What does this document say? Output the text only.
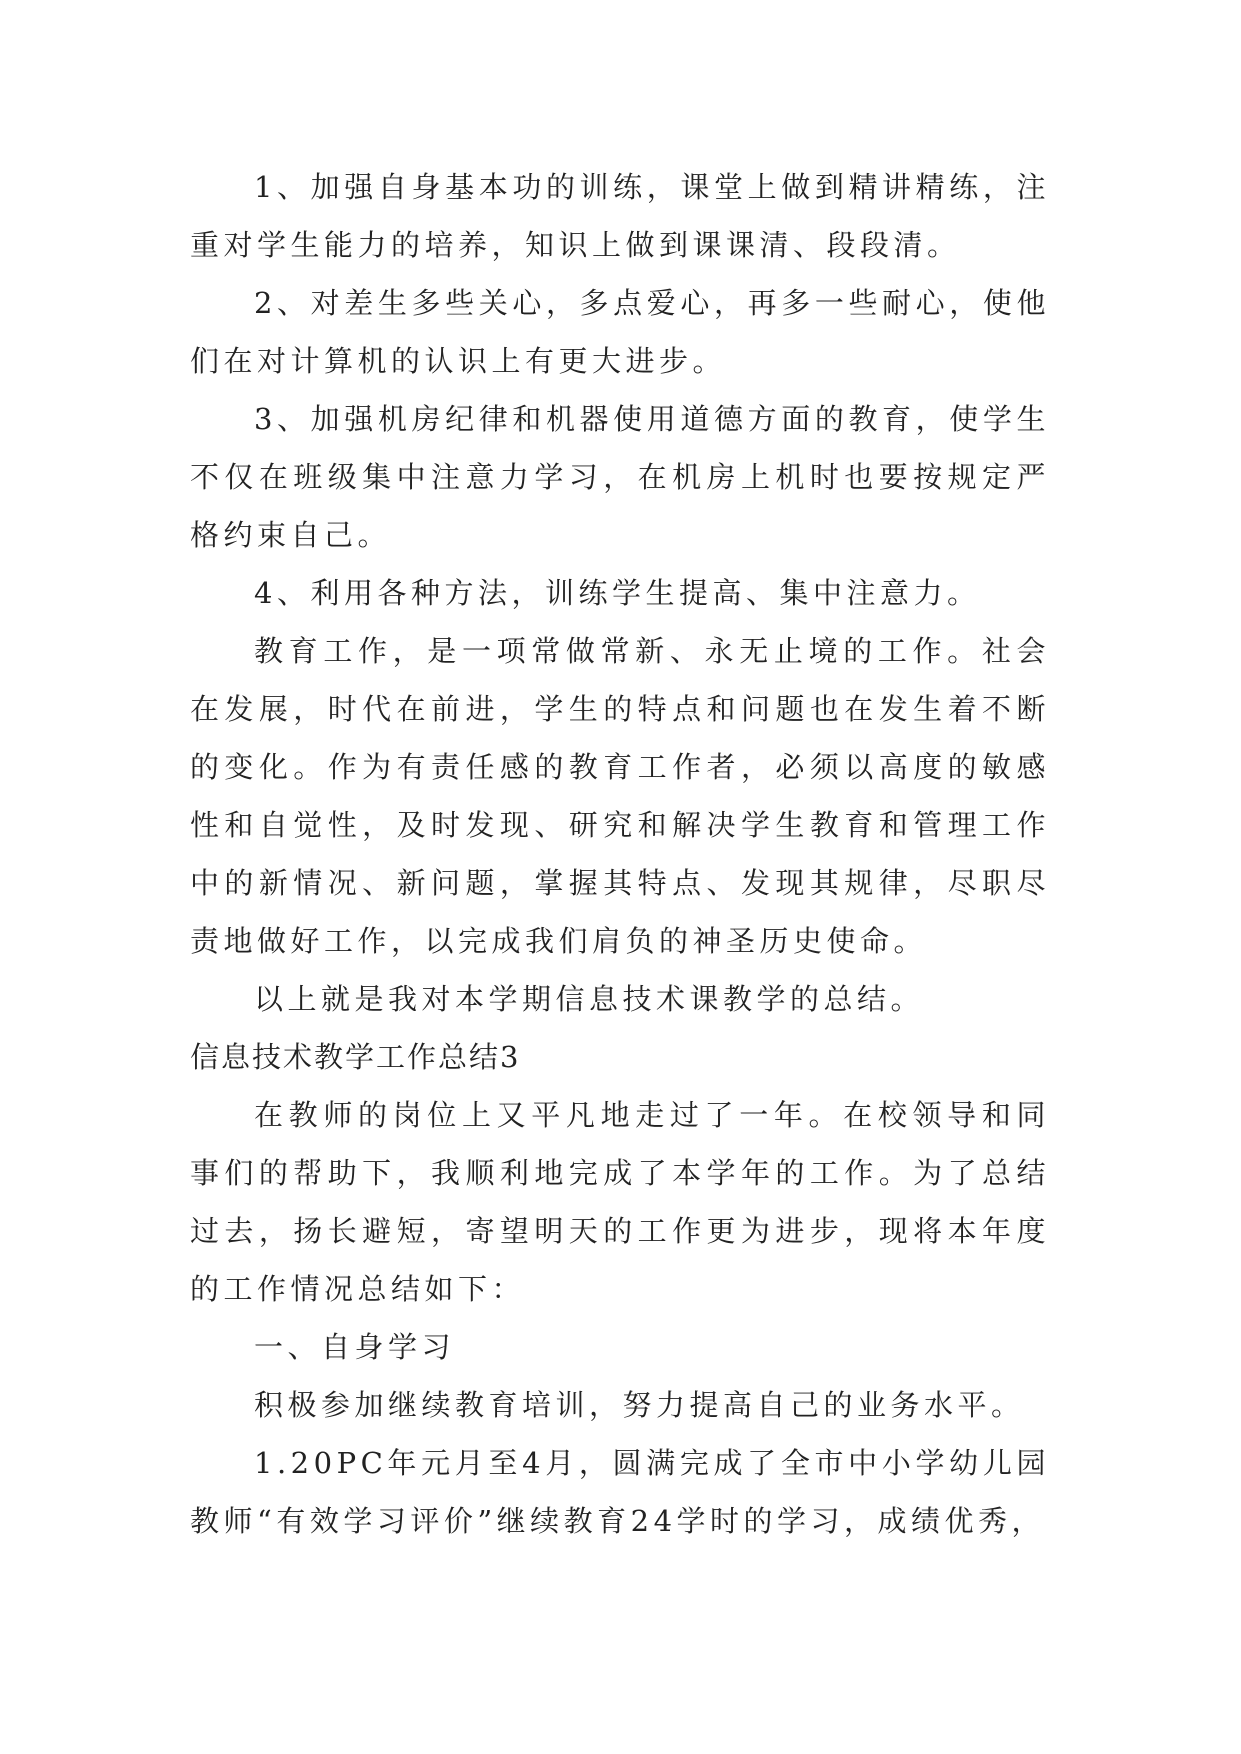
1、加强自身基本功的训练，课堂上做到精讲精练，注重对学生能力的培养，知识上做到课课清、段段清。

2、对差生多些关心，多点爱心，再多一些耐心，使他们在对计算机的认识上有更大进步。

3、加强机房纪律和机器使用道德方面的教育，使学生不仅在班级集中注意力学习，在机房上机时也要按规定严格约束自己。

4、利用各种方法，训练学生提高、集中注意力。

教育工作，是一项常做常新、永无止境的工作。社会在发展，时代在前进，学生的特点和问题也在发生着不断的变化。作为有责任感的教育工作者，必须以高度的敏感性和自觉性，及时发现、研究和解决学生教育和管理工作中的新情况、新问题，掌握其特点、发现其规律，尽职尽责地做好工作，以完成我们肩负的神圣历史使命。

以上就是我对本学期信息技术课教学的总结。

信息技术教学工作总结3

在教师的岗位上又平凡地走过了一年。在校领导和同事们的帮助下，我顺利地完成了本学年的工作。为了总结过去，扬长避短，寄望明天的工作更为进步，现将本年度的工作情况总结如下：

一、自身学习

积极参加继续教育培训，努力提高自己的业务水平。

1.20PC年元月至4月，圆满完成了全市中小学幼儿园教师“有效学习评价”继续教育24学时的学习，成绩优秀，
